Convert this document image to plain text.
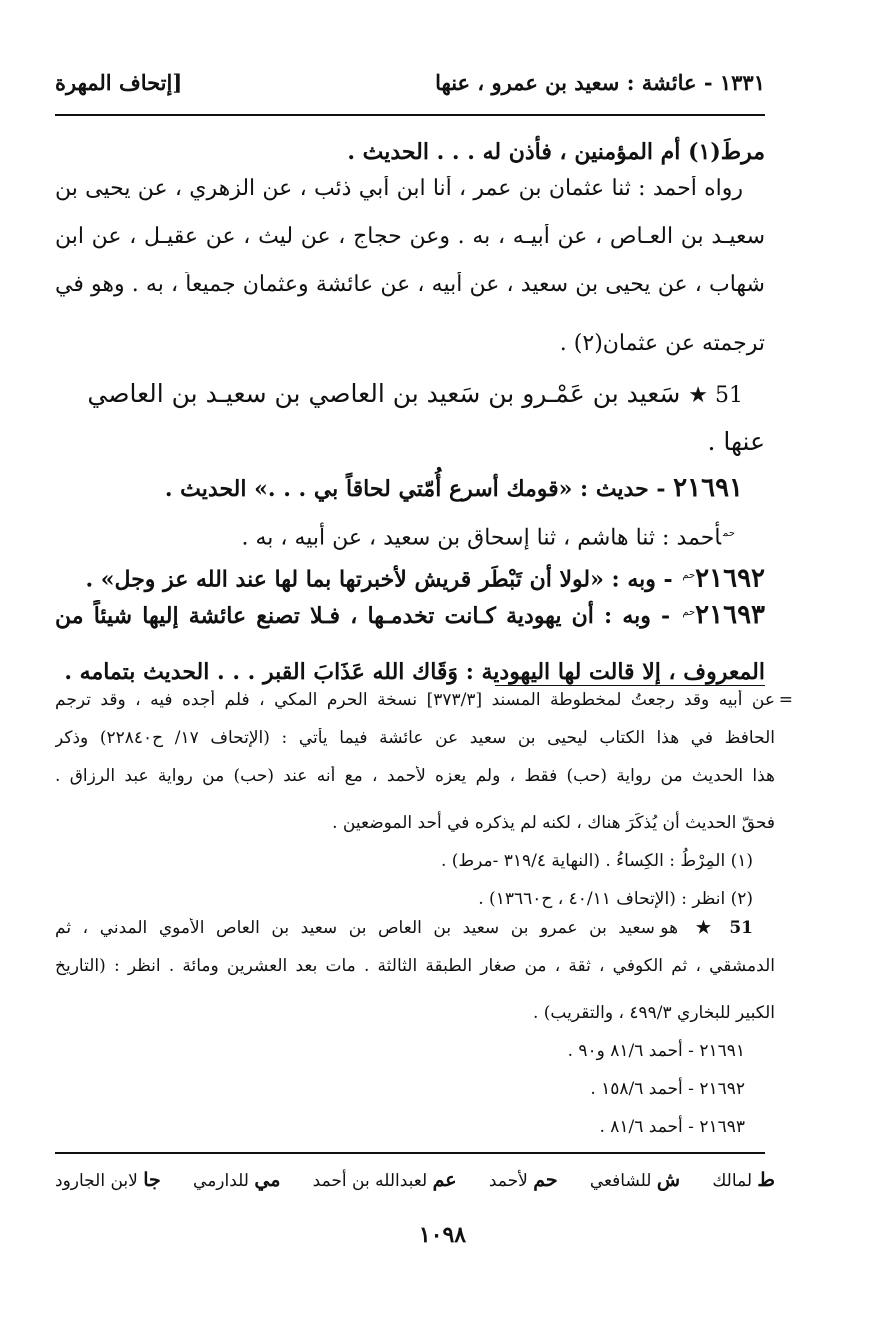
١٣٣١ - عائشة : سعيد بن عمرو ، عنها
[إتحاف المهرة
مرطَ(١) أم المؤمنين ، فأذن له . . . الحديث .
رواه أحمد : ثنا عثمان بن عمر ، أنا ابن أبي ذئب ، عن الزهري ، عن يحيى بن
سعيـد بن العـاص ، عن أبيـه ، به . وعن حجاج ، عن ليث ، عن عقيـل ، عن ابن
شهاب ، عن يحيى بن سعيد ، عن أبيه ، عن عائشة وعثمان جميعاً ، به . وهو في
ترجمته عن عثمان(٢) .
51 ★ سَعيد بن عَمْـرو بن سَعيد بن العاصي بن سعيـد بن العاصي
عنها .
٢١٦٩١ - حديث : «قومك أسرع أُمّتي لحاقاً بي . . .» الحديث .
$^{حم}$أحمد : ثنا هاشم ، ثنا إسحاق بن سعيد ، عن أبيه ، به .
$٢١٦٩٢^{حم}$ - وبه : «لولا أن تَبْطَر قريش لأخبرتها بما لها عند الله عز وجل» .
$٢١٦٩٣^{حم}$ - وبه : أن يهودية كـانت تخدمـها ، فـلا تصنع عائشة إليها شيئاً من
المعروف ، إلا قالت لها اليهودية : وَقَاك الله عَذَابَ القبر . . . الحديث بتمامه .
=
عن أبيه وقد رجعتُ لمخطوطة المسند [٣٧٣/٣] نسخة الحرم المكي ، فلم أجده فيه ، وقد ترجم
الحافظ في هذا الكتاب ليحيى بن سعيد عن عائشة فيما يأتي : (الإتحاف ١٧/ ح٢٢٨٤٠) وذكر
هذا الحديث من رواية (حب) فقط ، ولم يعزه لأحمد ، مع أنه عند (حب) من رواية عبد الرزاق .
فحقّ الحديث أن يُذكَرَ هناك ، لكنه لم يذكره في أحد الموضعين .
(١) المِرْطُ : الكِساءُ . (النهاية ٣١٩/٤ -مرط) .
(٢) انظر : (الإتحاف ٤٠/١١ ، ح١٣٦٦٠) .
51 ★ هو سعيد بن عمرو بن سعيد بن العاص بن سعيد بن العاص الأموي المدني ، ثم
الدمشقي ، ثم الكوفي ، ثقة ، من صغار الطبقة الثالثة . مات بعد العشرين ومائة . انظر : (التاريخ
الكبير للبخاري ٤٩٩/٣ ، والتقريب) .
٢١٦٩١ - أحمد ٨١/٦ و٩٠ .
٢١٦٩٢ - أحمد ١٥٨/٦ .
٢١٦٩٣ - أحمد ٨١/٦ .
ط لمالك
ش للشافعي
حم لأحمد
عم لعبدالله بن أحمد
مي للدارمي
جا لابن الجارود
١٠٩٨
